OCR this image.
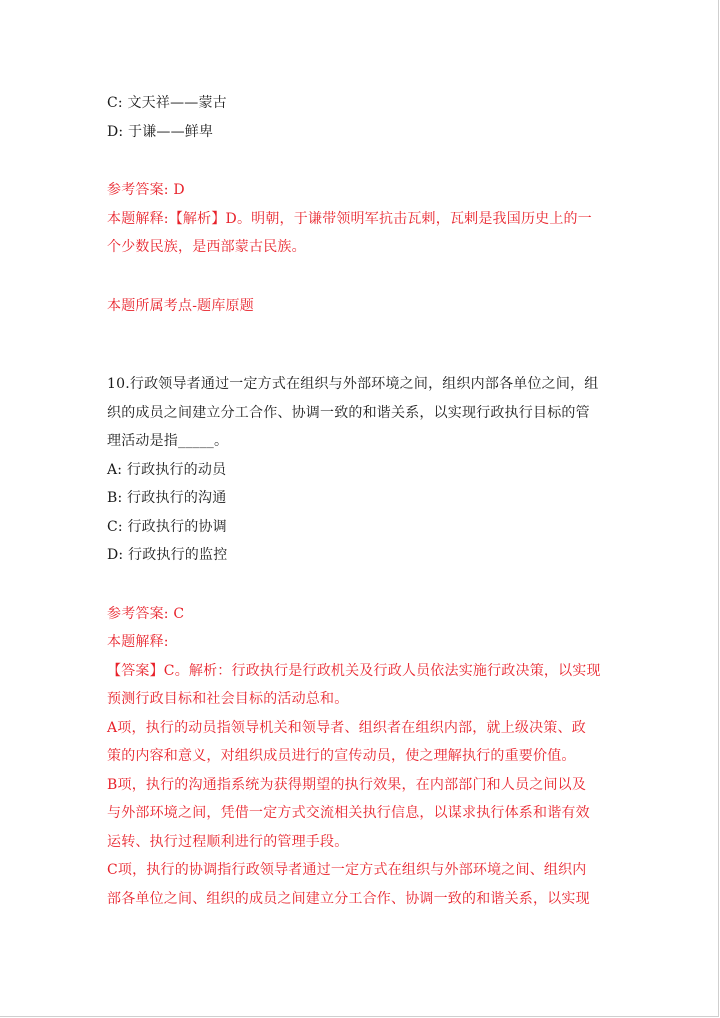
C: 文天祥——蒙古
D: 于谦——鲜卑
参考答案: D
本题解释:【解析】D。明朝，于谦带领明军抗击瓦剌，瓦剌是我国历史上的一
个少数民族，是西部蒙古民族。
本题所属考点-题库原题
10.行政领导者通过一定方式在组织与外部环境之间，组织内部各单位之间，组
织的成员之间建立分工合作、协调一致的和谐关系，以实现行政执行目标的管
理活动是指_____。
A: 行政执行的动员
B: 行政执行的沟通
C: 行政执行的协调
D: 行政执行的监控
参考答案: C
本题解释:
【答案】C。解析：行政执行是行政机关及行政人员依法实施行政决策，以实现
预测行政目标和社会目标的活动总和。
A项，执行的动员指领导机关和领导者、组织者在组织内部，就上级决策、政
策的内容和意义，对组织成员进行的宣传动员，使之理解执行的重要价值。
B项，执行的沟通指系统为获得期望的执行效果，在内部部门和人员之间以及
与外部环境之间，凭借一定方式交流相关执行信息，以谋求执行体系和谐有效
运转、执行过程顺利进行的管理手段。
C项，执行的协调指行政领导者通过一定方式在组织与外部环境之间、组织内
部各单位之间、组织的成员之间建立分工合作、协调一致的和谐关系，以实现
